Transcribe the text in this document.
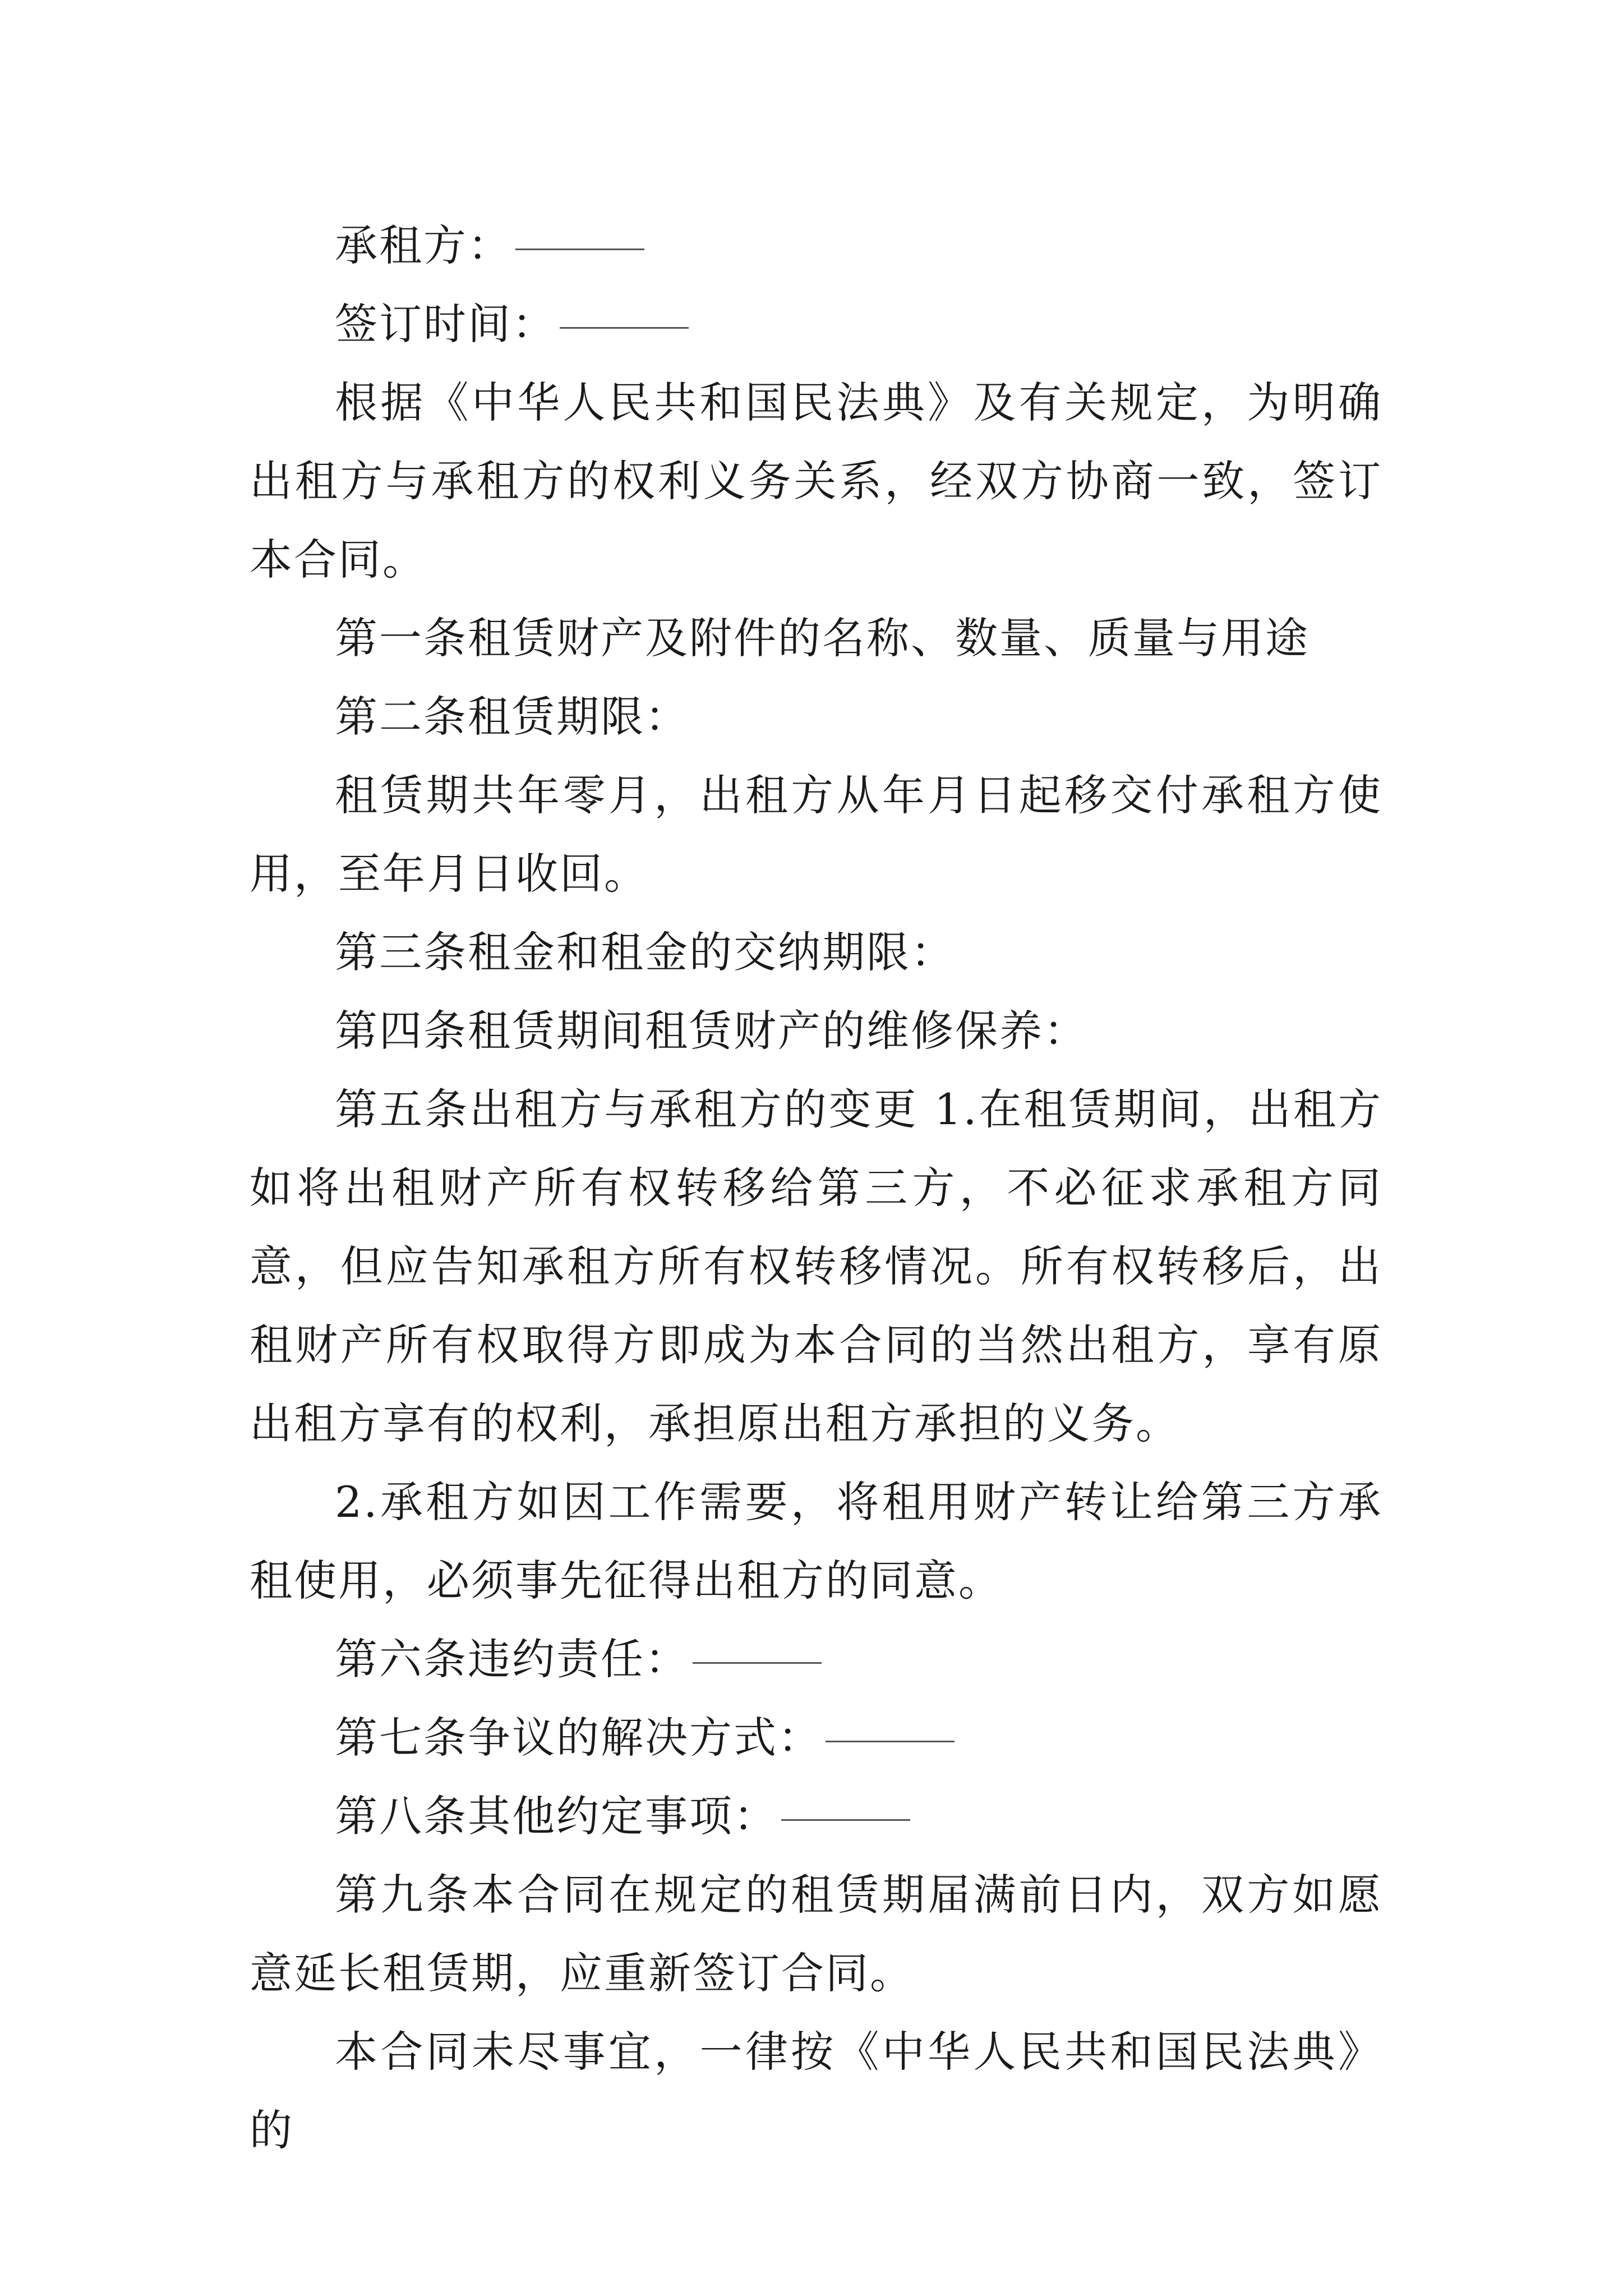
承租方：

签订时间：

根据《中华人民共和国民法典》及有关规定，为明确出租方与承租方的权利义务关系，经双方协商一致，签订本合同。

第一条租赁财产及附件的名称、数量、质量与用途

第二条租赁期限：

租赁期共年零月，出租方从年月日起移交付承租方使用，至年月日收回。

第三条租金和租金的交纳期限：

第四条租赁期间租赁财产的维修保养：

第五条出租方与承租方的变更 1.在租赁期间，出租方如将出租财产所有权转移给第三方，不必征求承租方同意，但应告知承租方所有权转移情况。所有权转移后，出租财产所有权取得方即成为本合同的当然出租方，享有原出租方享有的权利，承担原出租方承担的义务。

2.承租方如因工作需要，将租用财产转让给第三方承租使用，必须事先征得出租方的同意。

第六条违约责任：

第七条争议的解决方式：

第八条其他约定事项：

第九条本合同在规定的租赁期届满前日内，双方如愿意延长租赁期，应重新签订合同。

本合同未尽事宜，一律按《中华人民共和国民法典》的
